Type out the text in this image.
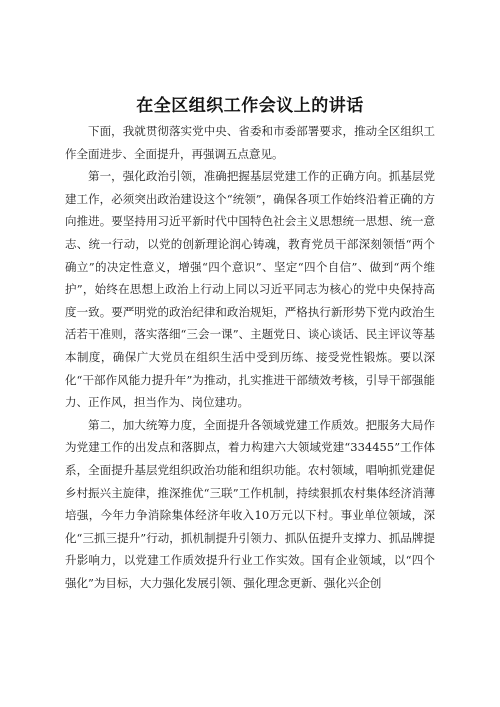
在全区组织工作会议上的讲话

下面，我就贯彻落实党中央、省委和市委部署要求，推动全区组织工作全面进步、全面提升，再强调五点意见。

第一，强化政治引领，准确把握基层党建工作的正确方向。抓基层党建工作，必须突出政治建设这个“统领”，确保各项工作始终沿着正确的方向推进。要坚持用习近平新时代中国特色社会主义思想统一思想、统一意志、统一行动，以党的创新理论润心铸魂，教育党员干部深刻领悟“两个确立”的决定性意义，增强“四个意识”、坚定“四个自信”、做到“两个维护”，始终在思想上政治上行动上同以习近平同志为核心的党中央保持高度一致。要严明党的政治纪律和政治规矩，严格执行新形势下党内政治生活若干准则，落实落细“三会一课”、主题党日、谈心谈话、民主评议等基本制度，确保广大党员在组织生活中受到历练、接受党性锻炼。要以深化“干部作风能力提升年”为推动，扎实推进干部绩效考核，引导干部强能力、正作风，担当作为、岗位建功。

第二，加大统筹力度，全面提升各领域党建工作质效。把服务大局作为党建工作的出发点和落脚点，着力构建六大领域党建“334455”工作体系，全面提升基层党组织政治功能和组织功能。农村领域，唱响抓党建促乡村振兴主旋律，推深推优“三联”工作机制，持续狠抓农村集体经济消薄培强，今年力争消除集体经济年收入10万元以下村。事业单位领域，深化“三抓三提升”行动，抓机制提升引领力、抓队伍提升支撑力、抓品牌提升影响力，以党建工作质效提升行业工作实效。国有企业领域，以“四个强化”为目标，大力强化发展引领、强化理念更新、强化兴企创
